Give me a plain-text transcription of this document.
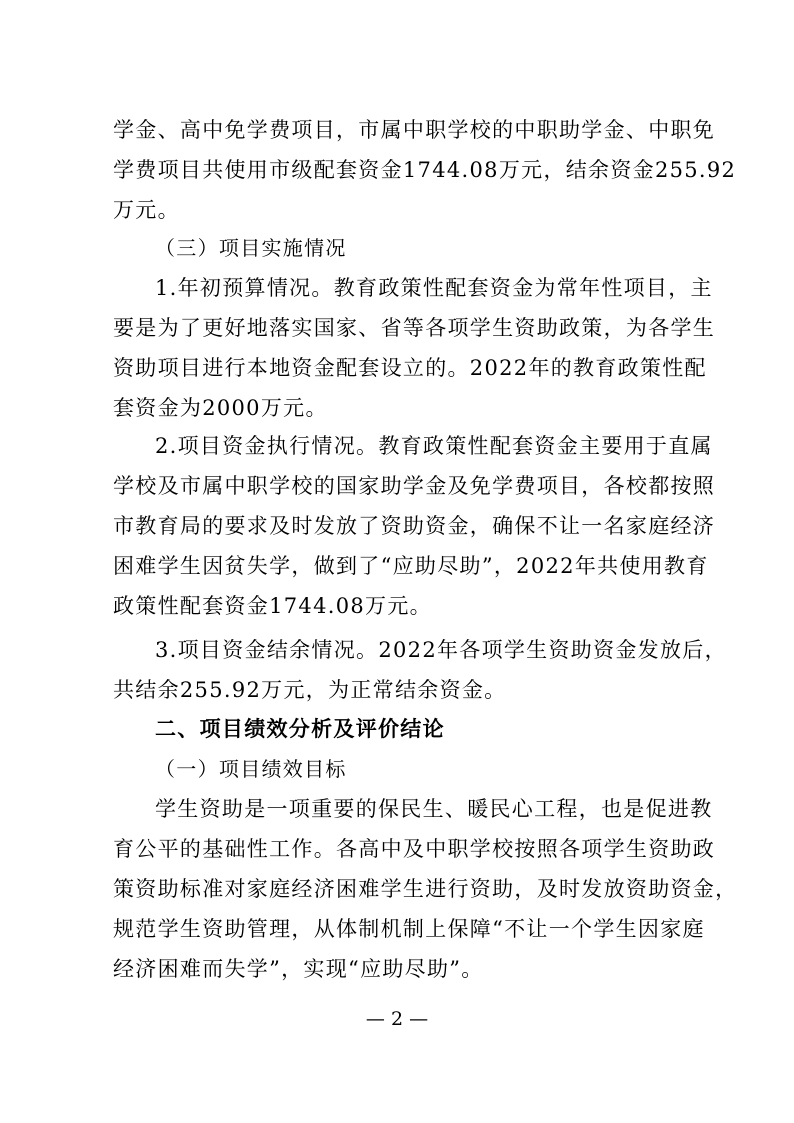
学金、高中免学费项目，市属中职学校的中职助学金、中职免
学费项目共使用市级配套资金1744.08万元，结余资金255.92
万元。
（三）项目实施情况
1.年初预算情况。教育政策性配套资金为常年性项目，主
要是为了更好地落实国家、省等各项学生资助政策，为各学生
资助项目进行本地资金配套设立的。2022年的教育政策性配
套资金为2000万元。
2.项目资金执行情况。教育政策性配套资金主要用于直属
学校及市属中职学校的国家助学金及免学费项目，各校都按照
市教育局的要求及时发放了资助资金，确保不让一名家庭经济
困难学生因贫失学，做到了“应助尽助”，2022年共使用教育
政策性配套资金1744.08万元。
3.项目资金结余情况。2022年各项学生资助资金发放后，
共结余255.92万元，为正常结余资金。
二、项目绩效分析及评价结论
（一）项目绩效目标
学生资助是一项重要的保民生、暖民心工程，也是促进教
育公平的基础性工作。各高中及中职学校按照各项学生资助政
策资助标准对家庭经济困难学生进行资助，及时发放资助资金，
规范学生资助管理，从体制机制上保障“不让一个学生因家庭
经济困难而失学”，实现“应助尽助”。
— 2 —
